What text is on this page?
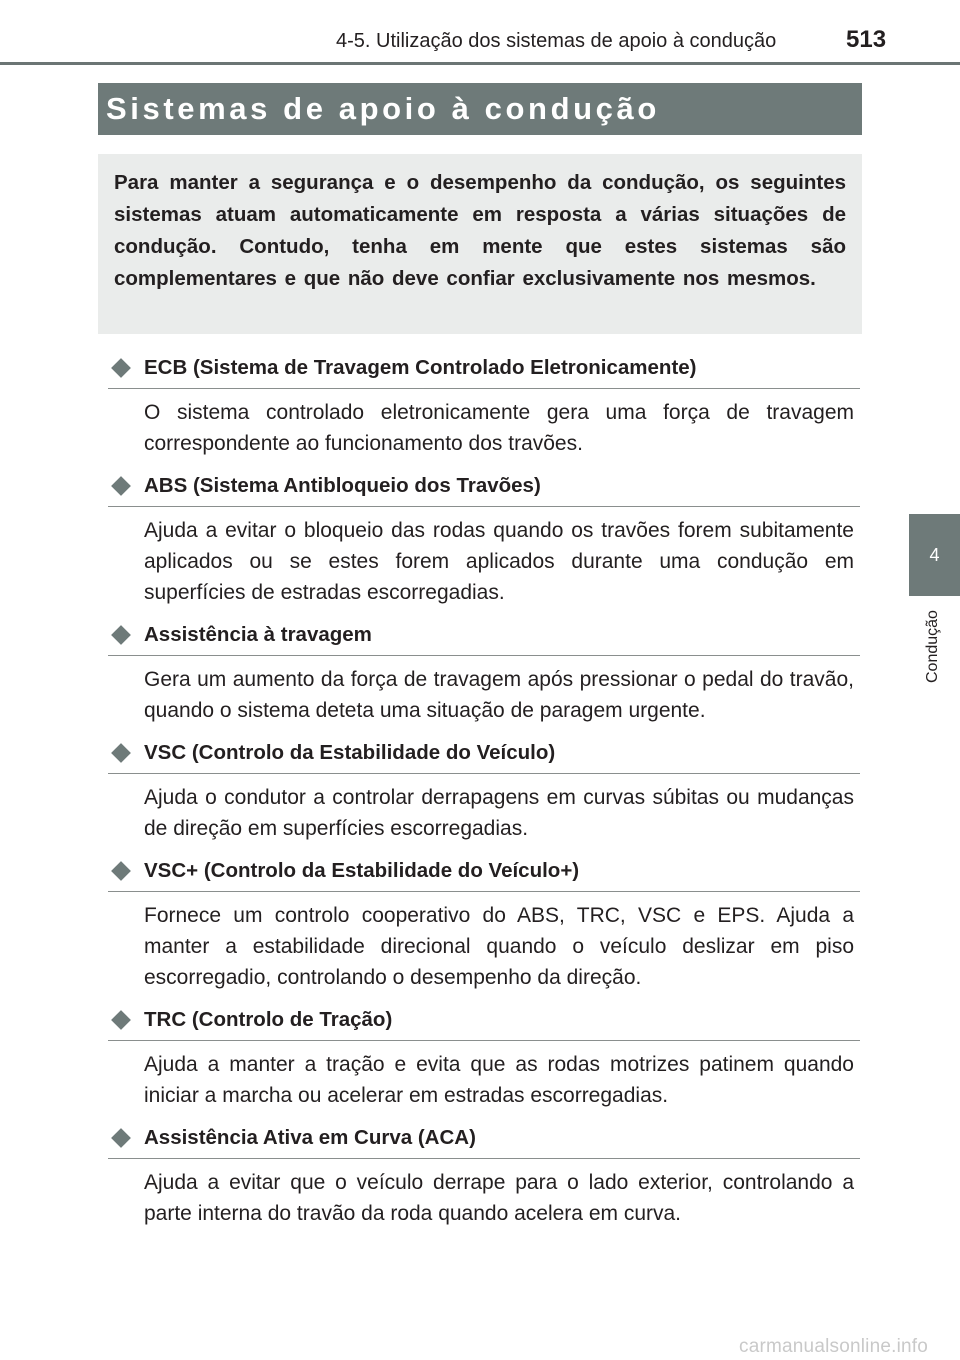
4-5. Utilização dos sistemas de apoio à condução	513
Sistemas de apoio à condução

Para manter a segurança e o desempenho da condução, os seguintes sistemas atuam automaticamente em resposta a várias situações de condução. Contudo, tenha em mente que estes sistemas são complementares e que não deve confiar exclusivamente nos mesmos.

4
Condução
ECB (Sistema de Travagem Controlado Eletronicamente)
O sistema controlado eletronicamente gera uma força de travagem correspondente ao funcionamento dos travões.
ABS (Sistema Antibloqueio dos Travões)
Ajuda a evitar o bloqueio das rodas quando os travões forem subitamente aplicados ou se estes forem aplicados durante uma condução em superfícies de estradas escorregadias.
Assistência à travagem
Gera um aumento da força de travagem após pressionar o pedal do travão, quando o sistema deteta uma situação de paragem urgente.
VSC (Controlo da Estabilidade do Veículo)
Ajuda o condutor a controlar derrapagens em curvas súbitas ou mudanças de direção em superfícies escorregadias.
VSC+ (Controlo da Estabilidade do Veículo+)
Fornece um controlo cooperativo do ABS, TRC, VSC e EPS. Ajuda a manter a estabilidade direcional quando o veículo deslizar em piso escorregadio, controlando o desempenho da direção.
TRC (Controlo de Tração)
Ajuda a manter a tração e evita que as rodas motrizes patinem quando iniciar a marcha ou acelerar em estradas escorregadias.
Assistência Ativa em Curva (ACA)
Ajuda a evitar que o veículo derrape para o lado exterior, controlando a parte interna do travão da roda quando acelera em curva.
carmanualsonline.info
